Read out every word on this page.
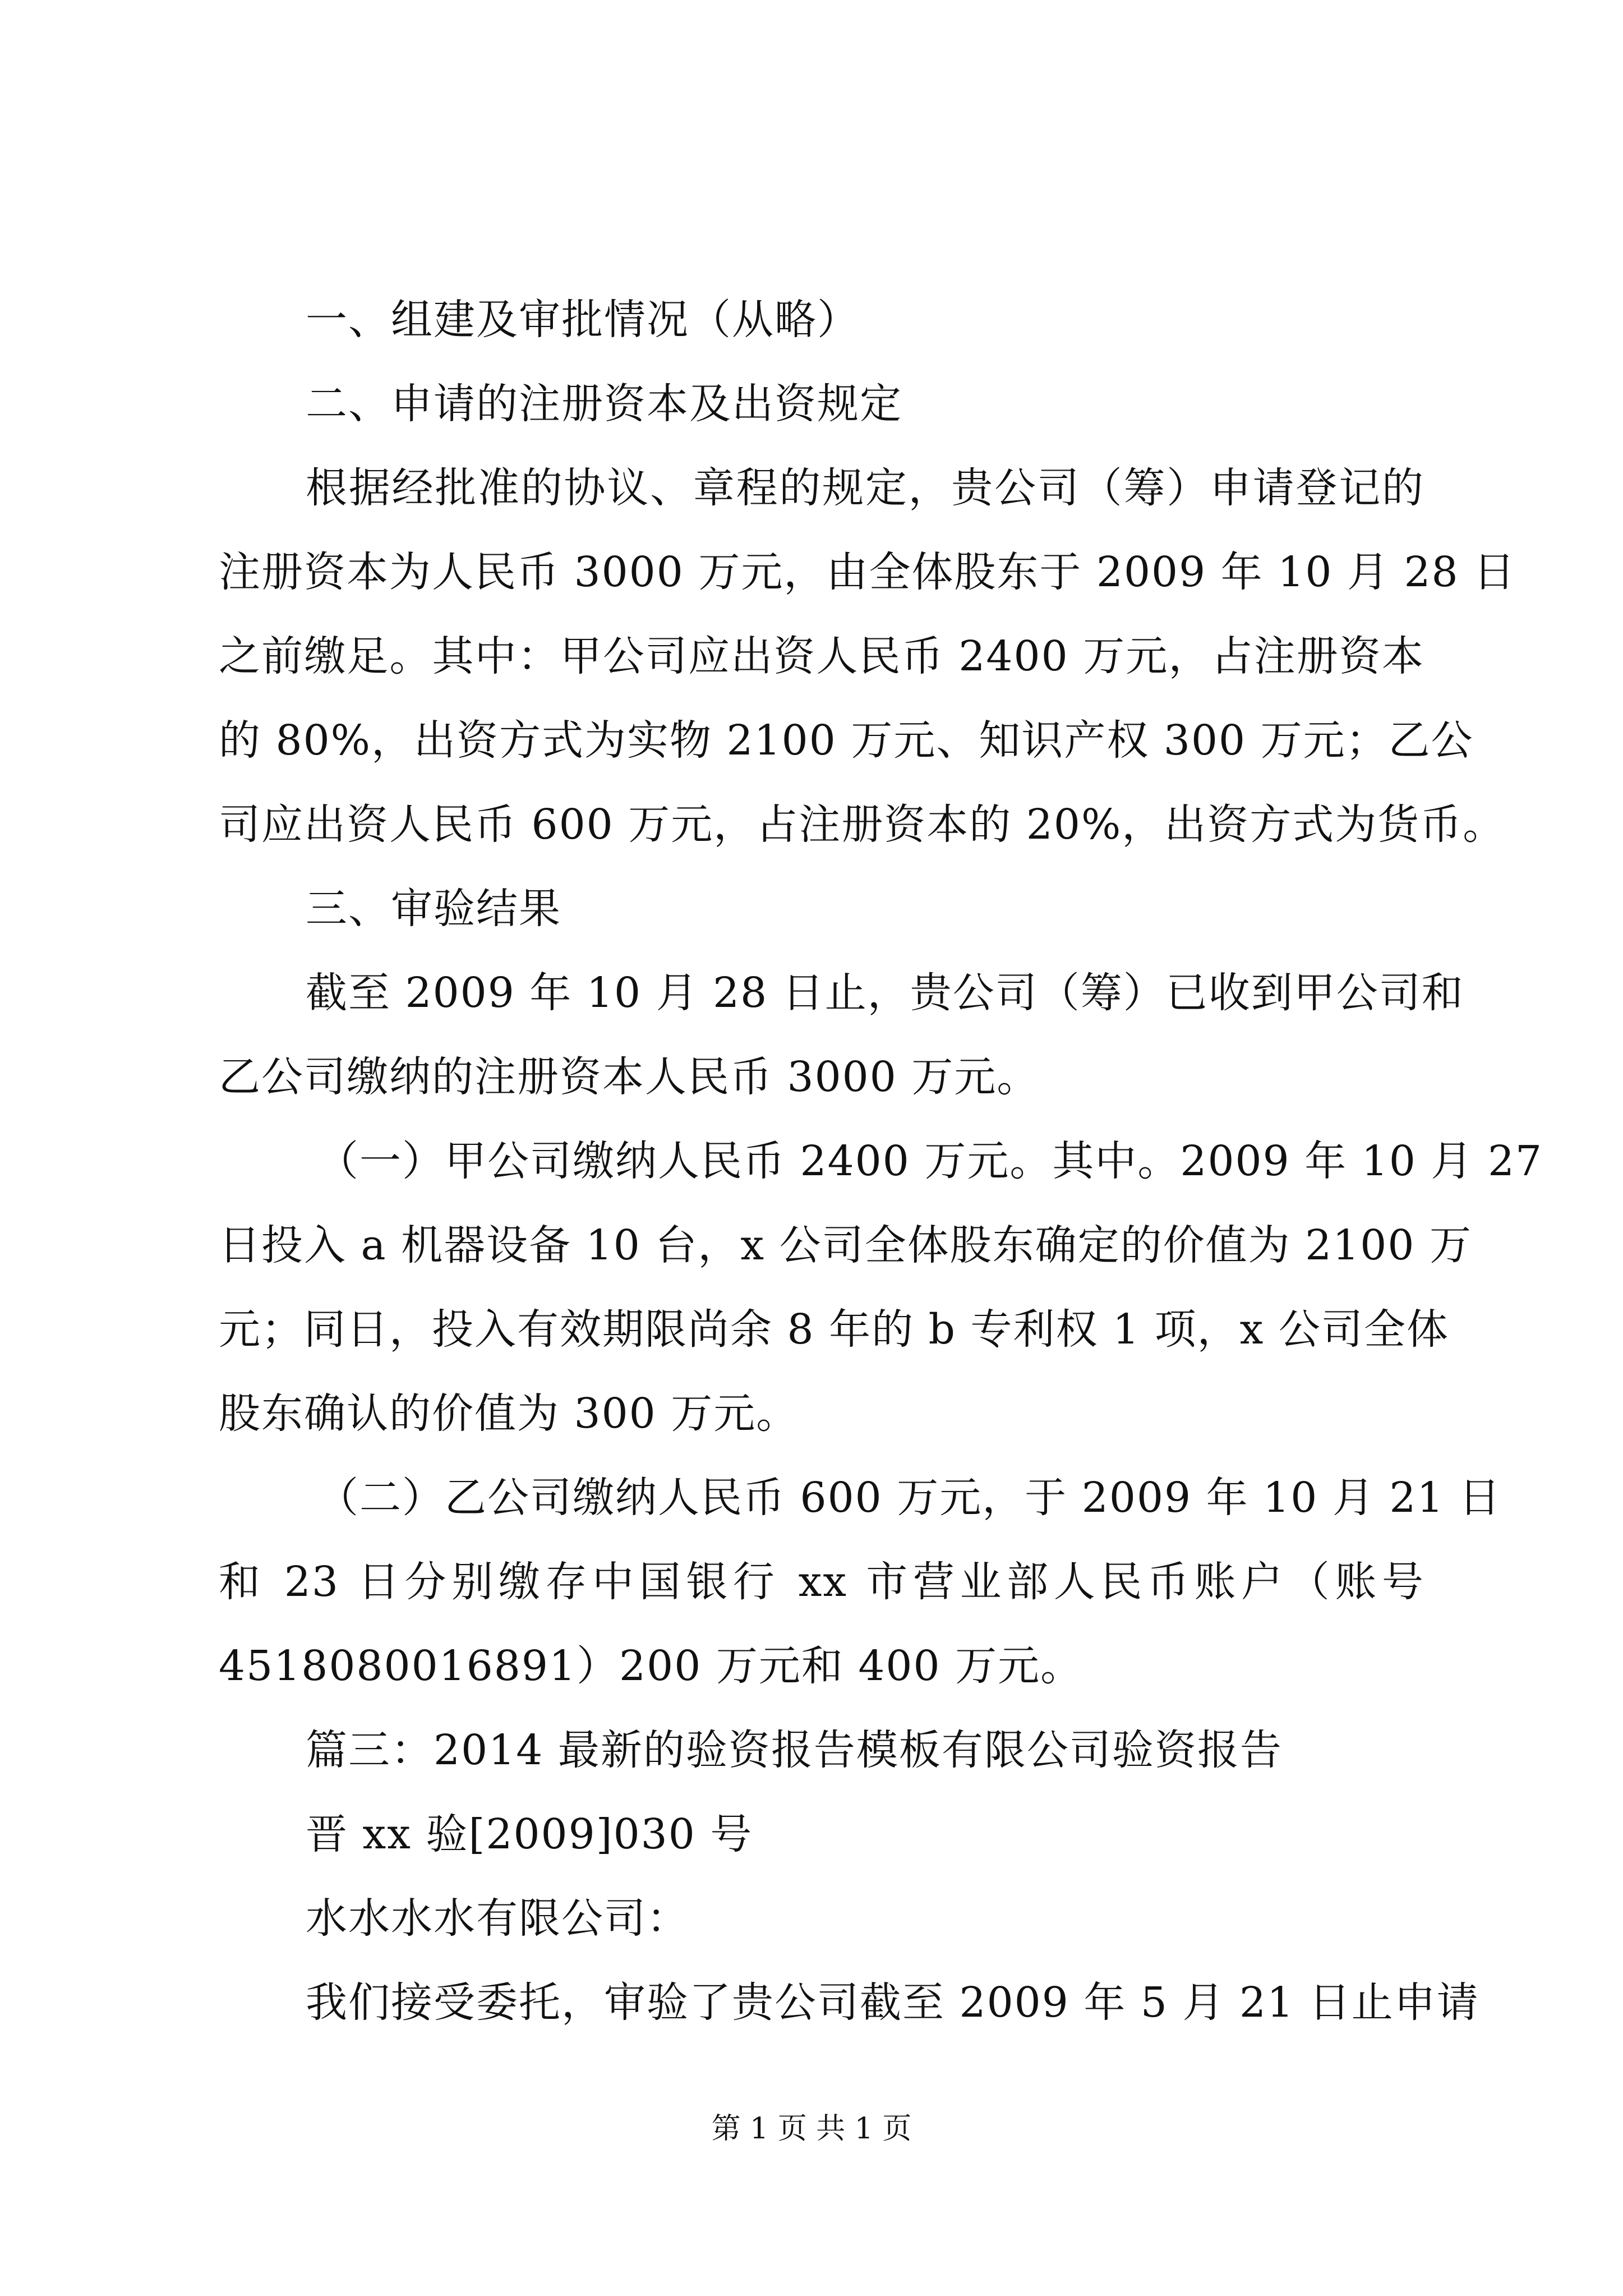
一、组建及审批情况（从略）
二、申请的注册资本及出资规定
根据经批准的协议、章程的规定，贵公司（筹）申请登记的
注册资本为人民币 3000 万元，由全体股东于 2009 年 10 月 28 日
之前缴足。其中：甲公司应出资人民币 2400 万元，占注册资本
的 80%，出资方式为实物 2100 万元、知识产权 300 万元；乙公
司应出资人民币 600 万元，占注册资本的 20%，出资方式为货币。
三、审验结果
截至 2009 年 10 月 28 日止，贵公司（筹）已收到甲公司和
乙公司缴纳的注册资本人民币 3000 万元。
（一）甲公司缴纳人民币 2400 万元。其中。2009 年 10 月 27
日投入 a 机器设备 10 台，x 公司全体股东确定的价值为 2100 万
元；同日，投入有效期限尚余 8 年的 b 专利权 1 项，x 公司全体
股东确认的价值为 300 万元。
（二）乙公司缴纳人民币 600 万元，于 2009 年 10 月 21 日
和 23 日分别缴存中国银行 xx 市营业部人民币账户（账号
4518080016891）200 万元和 400 万元。
篇三：2014 最新的验资报告模板有限公司验资报告
晋 xx 验[2009]030 号
水水水水有限公司：
我们接受委托，审验了贵公司截至 2009 年 5 月 21 日止申请
第 1 页 共 1 页
